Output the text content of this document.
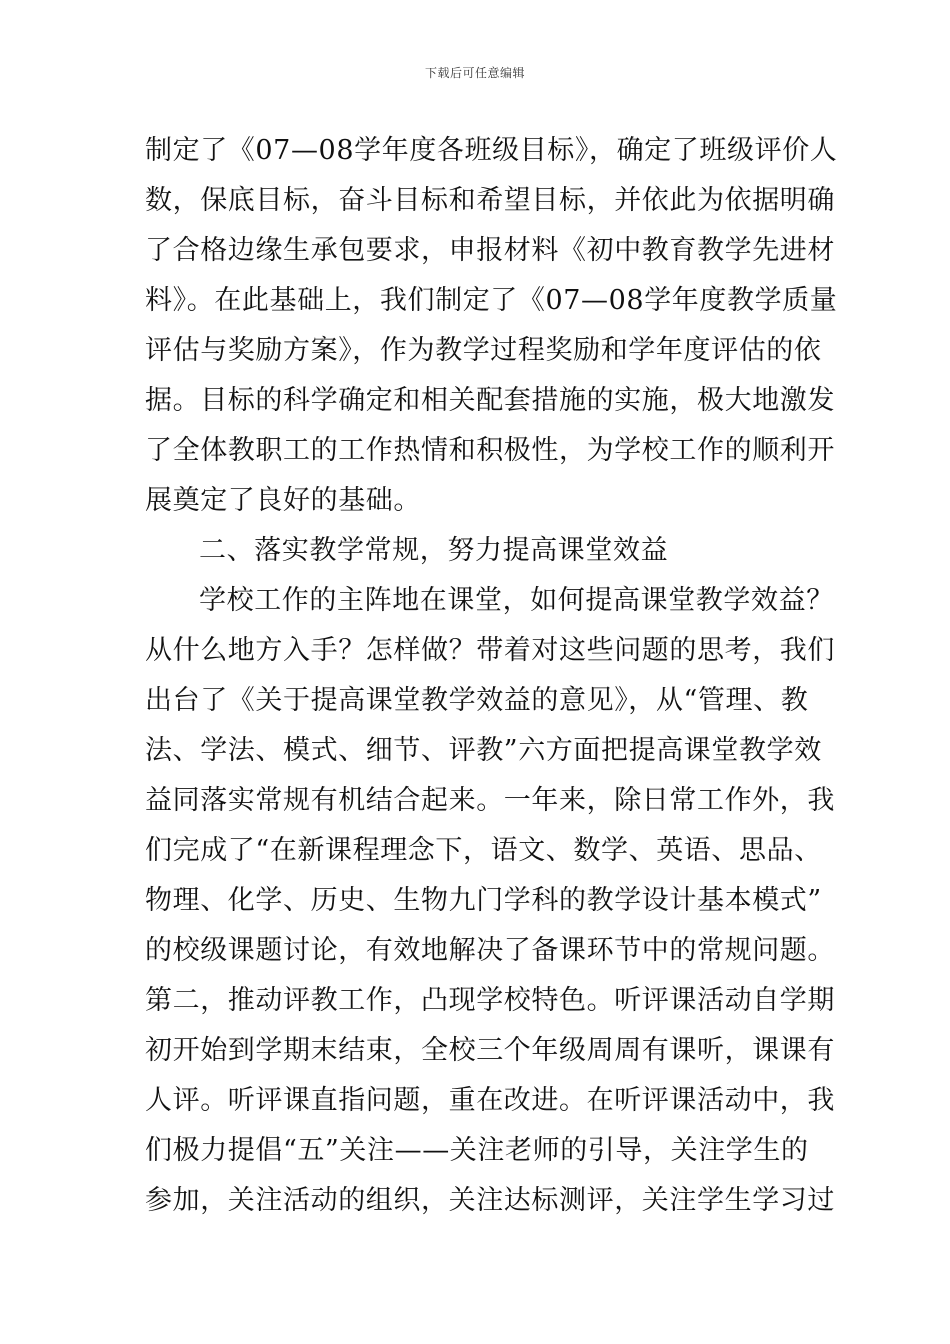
下载后可任意编辑
制定了《07—08学年度各班级目标》，确定了班级评价人
数，保底目标，奋斗目标和希望目标，并依此为依据明确
了合格边缘生承包要求，申报材料《初中教育教学先进材
料》。在此基础上，我们制定了《07—08学年度教学质量
评估与奖励方案》，作为教学过程奖励和学年度评估的依
据。目标的科学确定和相关配套措施的实施，极大地激发
了全体教职工的工作热情和积极性，为学校工作的顺利开
展奠定了良好的基础。
二、落实教学常规，努力提高课堂效益
学校工作的主阵地在课堂，如何提高课堂教学效益？
从什么地方入手？怎样做？带着对这些问题的思考，我们
出台了《关于提高课堂教学效益的意见》，从“管理、教
法、学法、模式、细节、评教”六方面把提高课堂教学效
益同落实常规有机结合起来。一年来，除日常工作外，我
们完成了“在新课程理念下，语文、数学、英语、思品、
物理、化学、历史、生物九门学科的教学设计基本模式”
的校级课题讨论，有效地解决了备课环节中的常规问题。
第二，推动评教工作，凸现学校特色。听评课活动自学期
初开始到学期末结束，全校三个年级周周有课听，课课有
人评。听评课直指问题，重在改进。在听评课活动中，我
们极力提倡“五”关注——关注老师的引导，关注学生的
参加，关注活动的组织，关注达标测评，关注学生学习过
